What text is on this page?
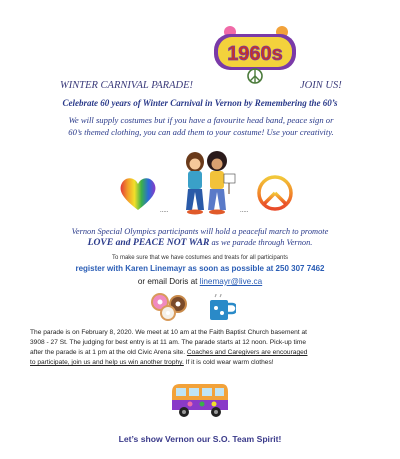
1960s
WINTER CARNIVAL PARADE!	JOIN US!
Celebrate 60 years of Winter Carnival in Vernon by Remembering the 60’s
We will supply costumes but if you have a favourite head band, peace sign or
60’s themed clothing, you can add them to your costume! Use your creativity.
.....	.....
Vernon Special Olympics participants will hold a peaceful march to promote
LOVE and PEACE NOT WAR as we parade through Vernon.
To make sure that we have costumes and treats for all participants
register with Karen Linemayr as soon as possible at 250 307 7462
or email Doris at linemayr@live.ca
The parade is on February 8, 2020. We meet at 10 am at the Faith Baptist Church basement at
3908 - 27 St. The judging for best entry is at 11 am. The parade starts at 12 noon. Pick-up time
after the parade is at 1 pm at the old Civic Arena site. Coaches and Caregivers are encouraged
to participate, join us and help us win another trophy. If it is cold wear warm clothes!
Let’s show Vernon our S.O. Team Spirit!
